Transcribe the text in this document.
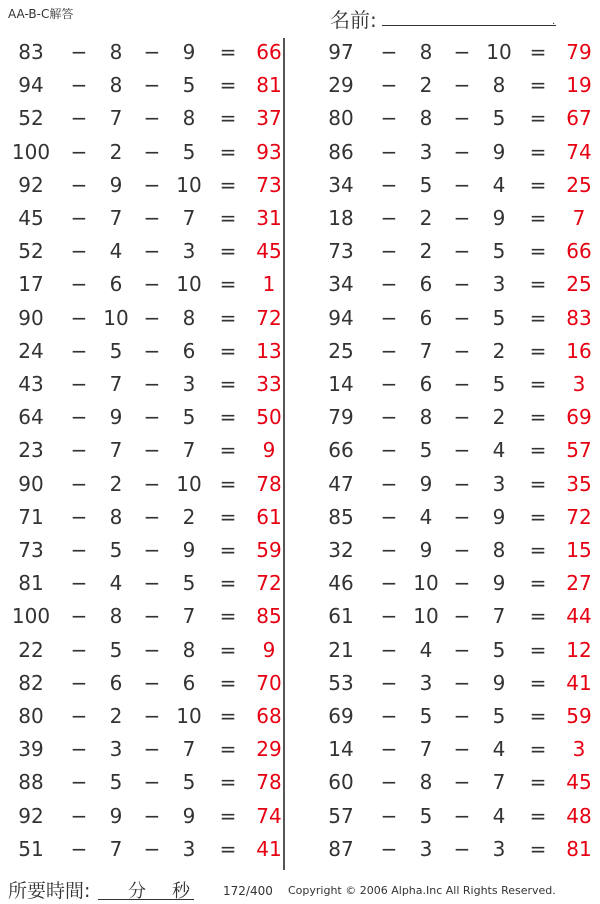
AA-B-C解答	名前:	.
83	−	8	−	9	= 66
94	−	8	−	5	= 81
52	−	7	−	8	= 37
100	−	2	−	5	= 93
92	−	9	− 10 = 73
45	−	7	−	7	= 31
52	−	4	−	3	= 45
17	−	6	− 10 =	1
90	− 10 −	8	= 72
24	−	5	−	6	= 13
43	−	7	−	3	= 33
64	−	9	−	5	= 50
23	−	7	−	7	=	9
90	−	2	− 10 = 78
71	−	8	−	2	= 61
73	−	5	−	9	= 59
81	−	4	−	5	= 72
100	−	8	−	7	= 85
22	−	5	−	8	=	9
82	−	6	−	6	= 70
80	−	2	− 10 = 68
39	−	3	−	7	= 29
88	−	5	−	5	= 78
92	−	9	−	9	= 74
51	−	7	−	3	= 41
97	−	8	− 10 = 79
29	−	2	−	8	= 19
80	−	8	−	5	= 67
86	−	3	−	9	= 74
34	−	5	−	4	= 25
18	−	2	−	9	=	7
73	−	2	−	5	= 66
34	−	6	−	3	= 25
94	−	6	−	5	= 83
25	−	7	−	2	= 16
14	−	6	−	5	=	3
79	−	8	−	2	= 69
66	−	5	−	4	= 57
47	−	9	−	3	= 35
85	−	4	−	9	= 72
32	−	9	−	8	= 15
46	− 10 −	9	= 27
61	− 10 −	7	= 44
21	−	4	−	5	= 12
53	−	3	−	9	= 41
69	−	5	−	5	= 59
14	−	7	−	4	=	3
60	−	8	−	7	= 45
57	−	5	−	4	= 48
87	−	3	−	3	= 81
所要時間: 分 秒	172/400 Copyright © 2006 Alpha.Inc All Rights Reserved.
